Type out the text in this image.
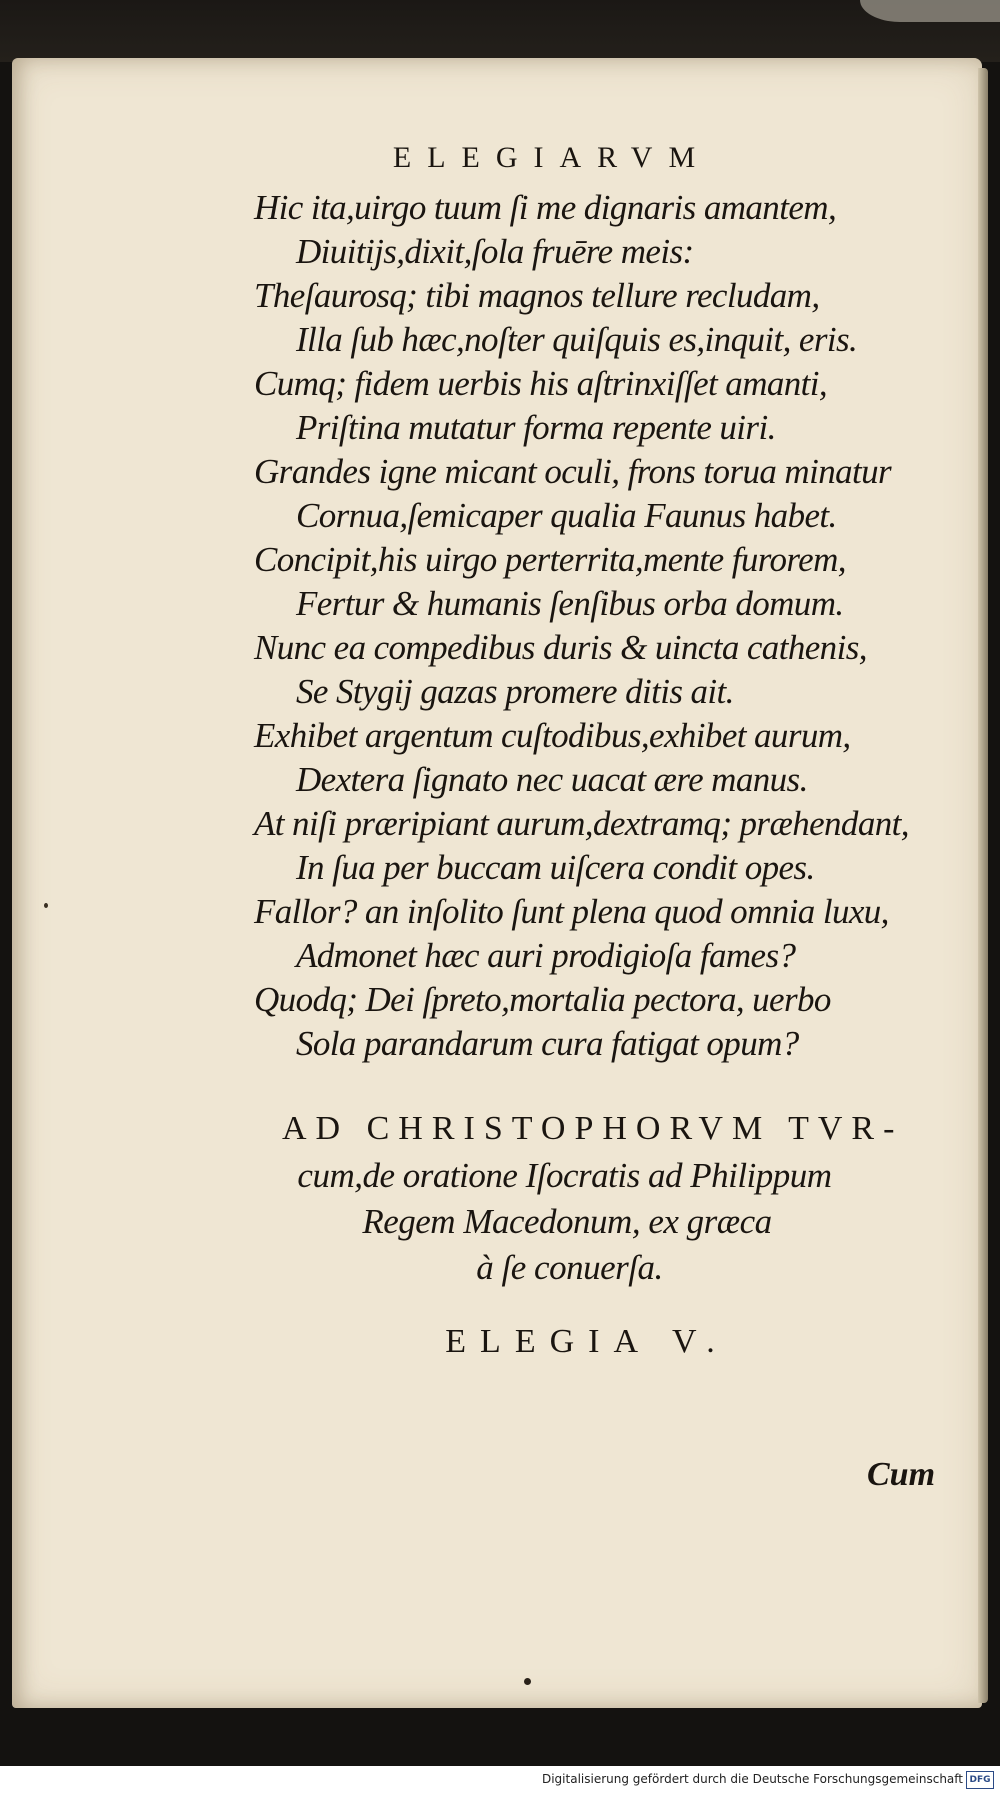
ELEGIARVM
Hic ita,uirgo tuum ſi me dignaris amantem,
Diuitijs,dixit,ſola fruēre meis:
Theſaurosq; tibi magnos tellure recludam,
Illa ſub hæc,noſter quiſquis es,inquit, eris.
Cumq; fidem uerbis his aſtrinxiſſet amanti,
Priſtina mutatur forma repente uiri.
Grandes igne micant oculi, frons torua minatur
Cornua,ſemicaper qualia Faunus habet.
Concipit,his uirgo perterrita,mente furorem,
Fertur & humanis ſenſibus orba domum.
Nunc ea compedibus duris & uincta cathenis,
Se Stygij gazas promere ditis ait.
Exhibet argentum cuſtodibus,exhibet aurum,
Dextera ſignato nec uacat ære manus.
At niſi præripiant aurum,dextramq; præhendant,
In ſua per buccam uiſcera condit opes.
Fallor? an inſolito ſunt plena quod omnia luxu,
Admonet hæc auri prodigioſa fames?
Quodq; Dei ſpreto,mortalia pectora, uerbo
Sola parandarum cura fatigat opum?
AD CHRISTOPHORVM TVR-
cum,de oratione Iſocratis ad Philippum
Regem Macedonum, ex græca
à ſe conuerſa.
ELEGIA V.
Cum
Digitalisierung gefördert durch die Deutsche Forschungsgemeinschaft DFG
